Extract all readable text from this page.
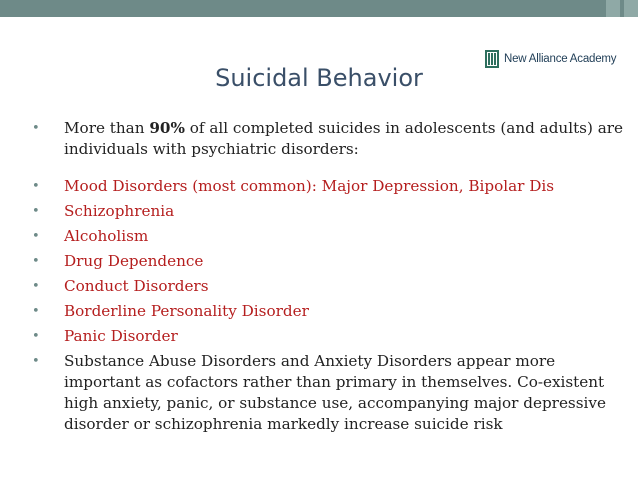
New Alliance Academy
Suicidal Behavior
• More than 90% of all completed suicides in adolescents (and adults) are individuals with psychiatric disorders:
• Mood Disorders (most common): Major Depression, Bipolar Dis
• Schizophrenia
• Alcoholism
• Drug Dependence
• Conduct Disorders
• Borderline Personality Disorder
• Panic Disorder
• Substance Abuse Disorders and Anxiety Disorders appear more important as cofactors rather than primary in themselves. Co-existent high anxiety, panic, or substance use, accompanying major depressive disorder or schizophrenia markedly increase suicide risk
